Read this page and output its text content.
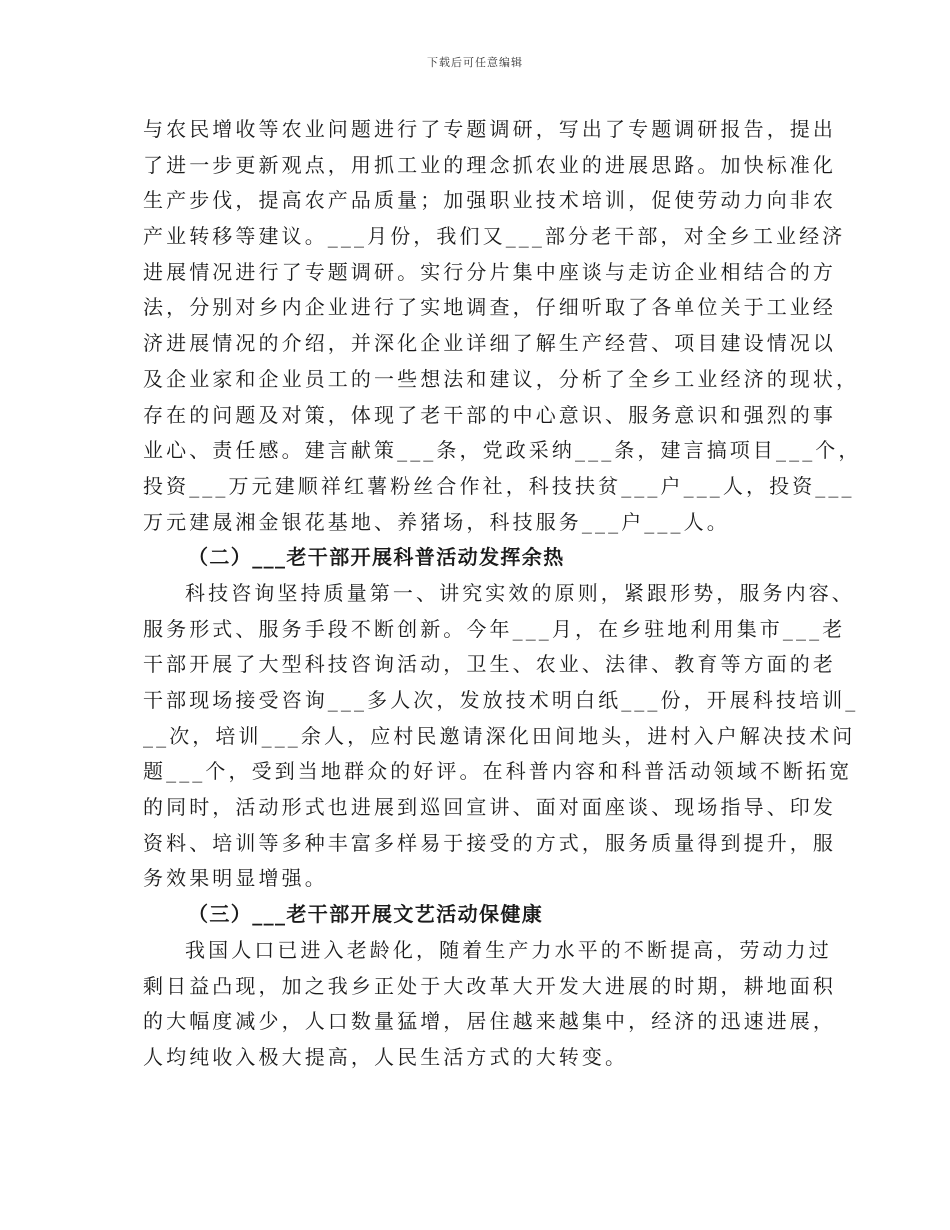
下载后可任意编辑
与农民增收等农业问题进行了专题调研，写出了专题调研报告，提出
了进一步更新观点，用抓工业的理念抓农业的进展思路。加快标准化
生产步伐，提高农产品质量；加强职业技术培训，促使劳动力向非农
产业转移等建议。___月份，我们又___部分老干部，对全乡工业经济
进展情况进行了专题调研。实行分片集中座谈与走访企业相结合的方
法，分别对乡内企业进行了实地调查，仔细听取了各单位关于工业经
济进展情况的介绍，并深化企业详细了解生产经营、项目建设情况以
及企业家和企业员工的一些想法和建议，分析了全乡工业经济的现状，
存在的问题及对策，体现了老干部的中心意识、服务意识和强烈的事
业心、责任感。建言献策___条，党政采纳___条，建言搞项目___个，
投资___万元建顺祥红薯粉丝合作社，科技扶贫___户___人，投资___
万元建晟湘金银花基地、养猪场，科技服务___户___人。
（二）___老干部开展科普活动发挥余热
科技咨询坚持质量第一、讲究实效的原则，紧跟形势，服务内容、
服务形式、服务手段不断创新。今年___月，在乡驻地利用集市___老
干部开展了大型科技咨询活动，卫生、农业、法律、教育等方面的老
干部现场接受咨询___多人次，发放技术明白纸___份，开展科技培训_
__次，培训___余人，应村民邀请深化田间地头，进村入户解决技术问
题___个，受到当地群众的好评。在科普内容和科普活动领域不断拓宽
的同时，活动形式也进展到巡回宣讲、面对面座谈、现场指导、印发
资料、培训等多种丰富多样易于接受的方式，服务质量得到提升，服
务效果明显增强。
（三）___老干部开展文艺活动保健康
我国人口已进入老龄化，随着生产力水平的不断提高，劳动力过
剩日益凸现，加之我乡正处于大改革大开发大进展的时期，耕地面积
的大幅度减少，人口数量猛增，居住越来越集中，经济的迅速进展，
人均纯收入极大提高，人民生活方式的大转变。
